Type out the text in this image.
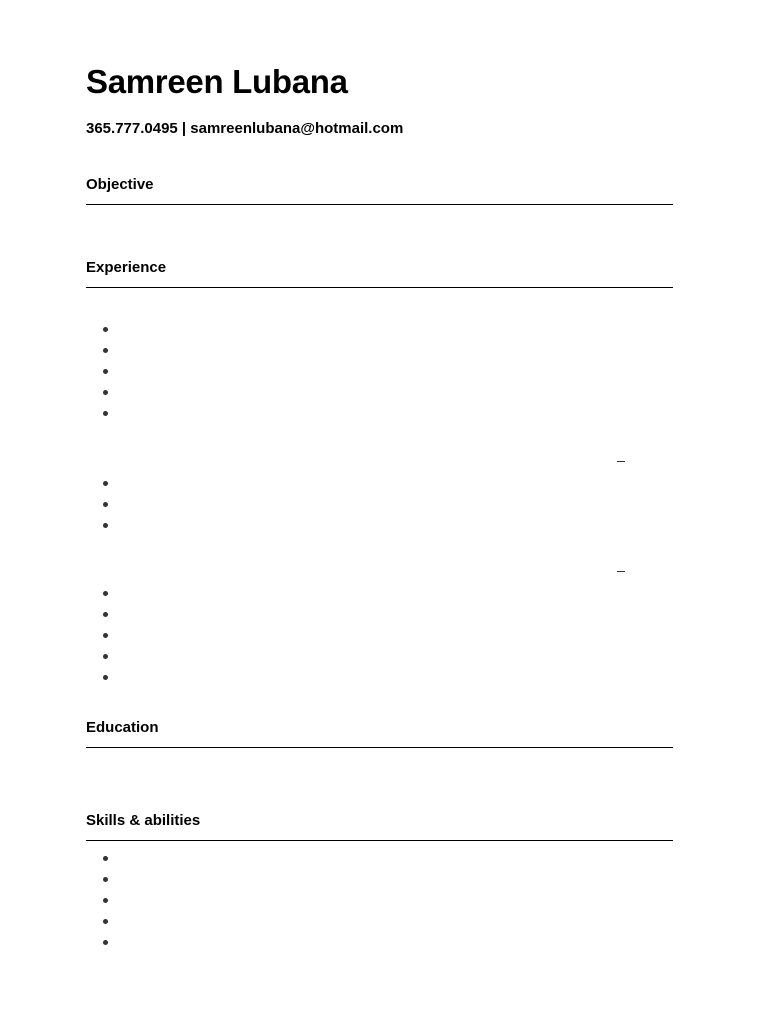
Samreen Lubana
365.777.0495 | samreenlubana@hotmail.com
Objective
Experience
Education
Skills & abilities
